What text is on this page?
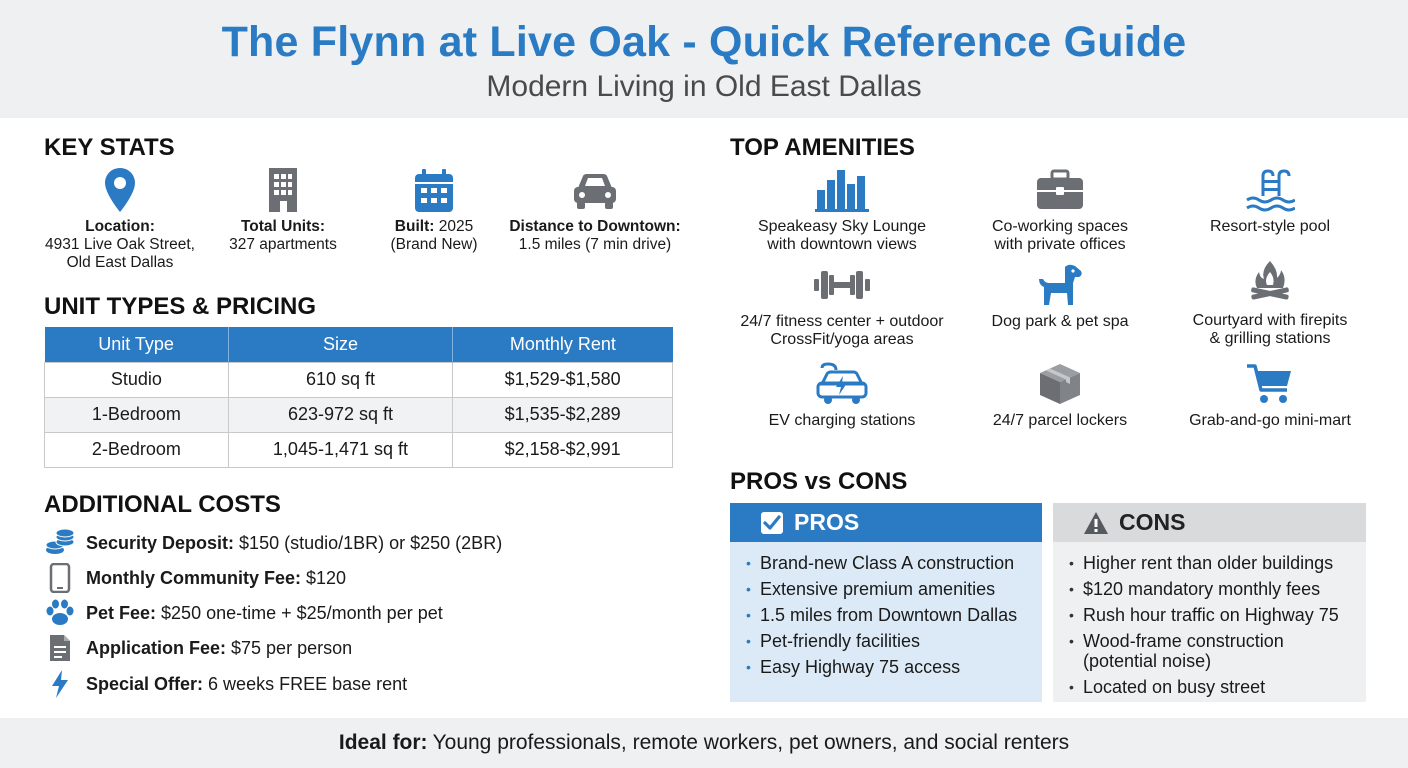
The Flynn at Live Oak - Quick Reference Guide
Modern Living in Old East Dallas
KEY STATS
Location:
4931 Live Oak Street,
Old East Dallas
Total Units:
327 apartments
Built: 2025
(Brand New)
Distance to Downtown:
1.5 miles (7 min drive)
UNIT TYPES & PRICING
Unit Type	Size	Monthly Rent
Studio	610 sq ft	$1,529-$1,580
1-Bedroom	623-972 sq ft	$1,535-$2,289
2-Bedroom	1,045-1,471 sq ft	$2,158-$2,991
ADDITIONAL COSTS
Security Deposit: $150 (studio/1BR) or $250 (2BR)
Monthly Community Fee: $120
Pet Fee: $250 one-time + $25/month per pet
Application Fee: $75 per person
Special Offer: 6 weeks FREE base rent
TOP AMENITIES
Speakeasy Sky Lounge
with downtown views
Co-working spaces
with private offices
Resort-style pool
24/7 fitness center + outdoor
CrossFit/yoga areas
Dog park & pet spa	Courtyard with firepits
& grilling stations
EV charging stations	24/7 parcel lockers	Grab-and-go mini-mart
PROS vs CONS
PROS
• Brand-new Class A construction
• Extensive premium amenities
• 1.5 miles from Downtown Dallas
• Pet-friendly facilities
• Easy Highway 75 access
CONS
• Higher rent than older buildings
• $120 mandatory monthly fees
• Rush hour traffic on Highway 75
• Wood-frame construction (potential noise)
• Located on busy street
Ideal for: Young professionals, remote workers, pet owners, and social renters
